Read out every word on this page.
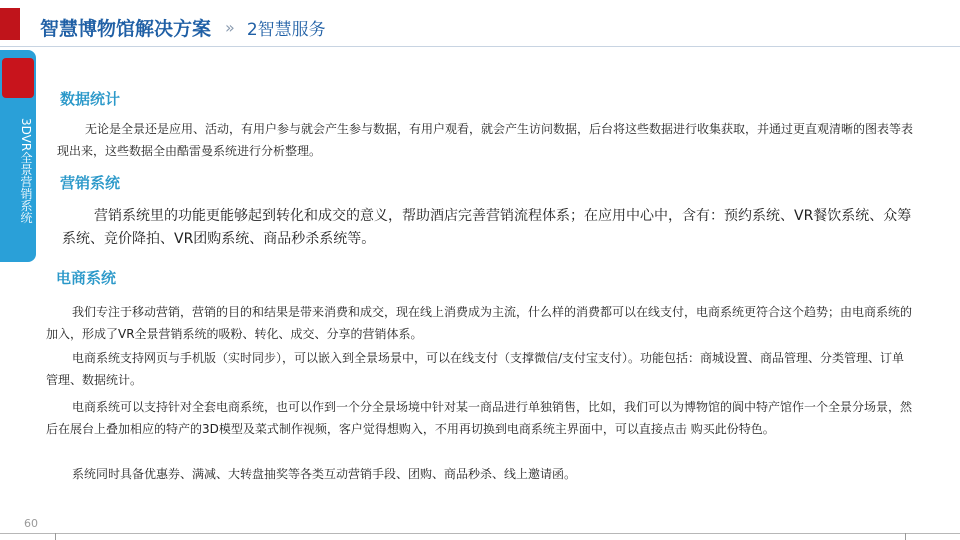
智慧博物馆解决方案 » 2智慧服务
3DVR全景营销系统
数据统计
无论是全景还是应用、活动，有用户参与就会产生参与数据，有用户观看，就会产生访问数据，后台将这些数据进行收集获取，并通过更直观清晰的图表等表现出来，这些数据全由酷雷曼系统进行分析整理。
营销系统
营销系统里的功能更能够起到转化和成交的意义，帮助酒店完善营销流程体系；在应用中心中，含有：预约系统、VR餐饮系统、众筹系统、竞价降拍、VR团购系统、商品秒杀系统等。
电商系统
我们专注于移动营销，营销的目的和结果是带来消费和成交，现在线上消费成为主流，什么样的消费都可以在线支付，电商系统更符合这个趋势；由电商系统的加入，形成了VR全景营销系统的吸粉、转化、成交、分享的营销体系。
电商系统支持网页与手机版（实时同步），可以嵌入到全景场景中，可以在线支付（支撑微信/支付宝支付）。功能包括：商城设置、商品管理、分类管理、订单管理、数据统计。
电商系统可以支持针对全套电商系统，也可以作到一个分全景场境中针对某一商品进行单独销售，比如，我们可以为博物馆的阆中特产馆作一个全景分场景，然后在展台上叠加相应的特产的3D模型及菜式制作视频，客户觉得想购入，不用再切换到电商系统主界面中，可以直接点击 购买此份特色。
系统同时具备优惠券、满减、大转盘抽奖等各类互动营销手段、团购、商品秒杀、线上邀请函。
60
